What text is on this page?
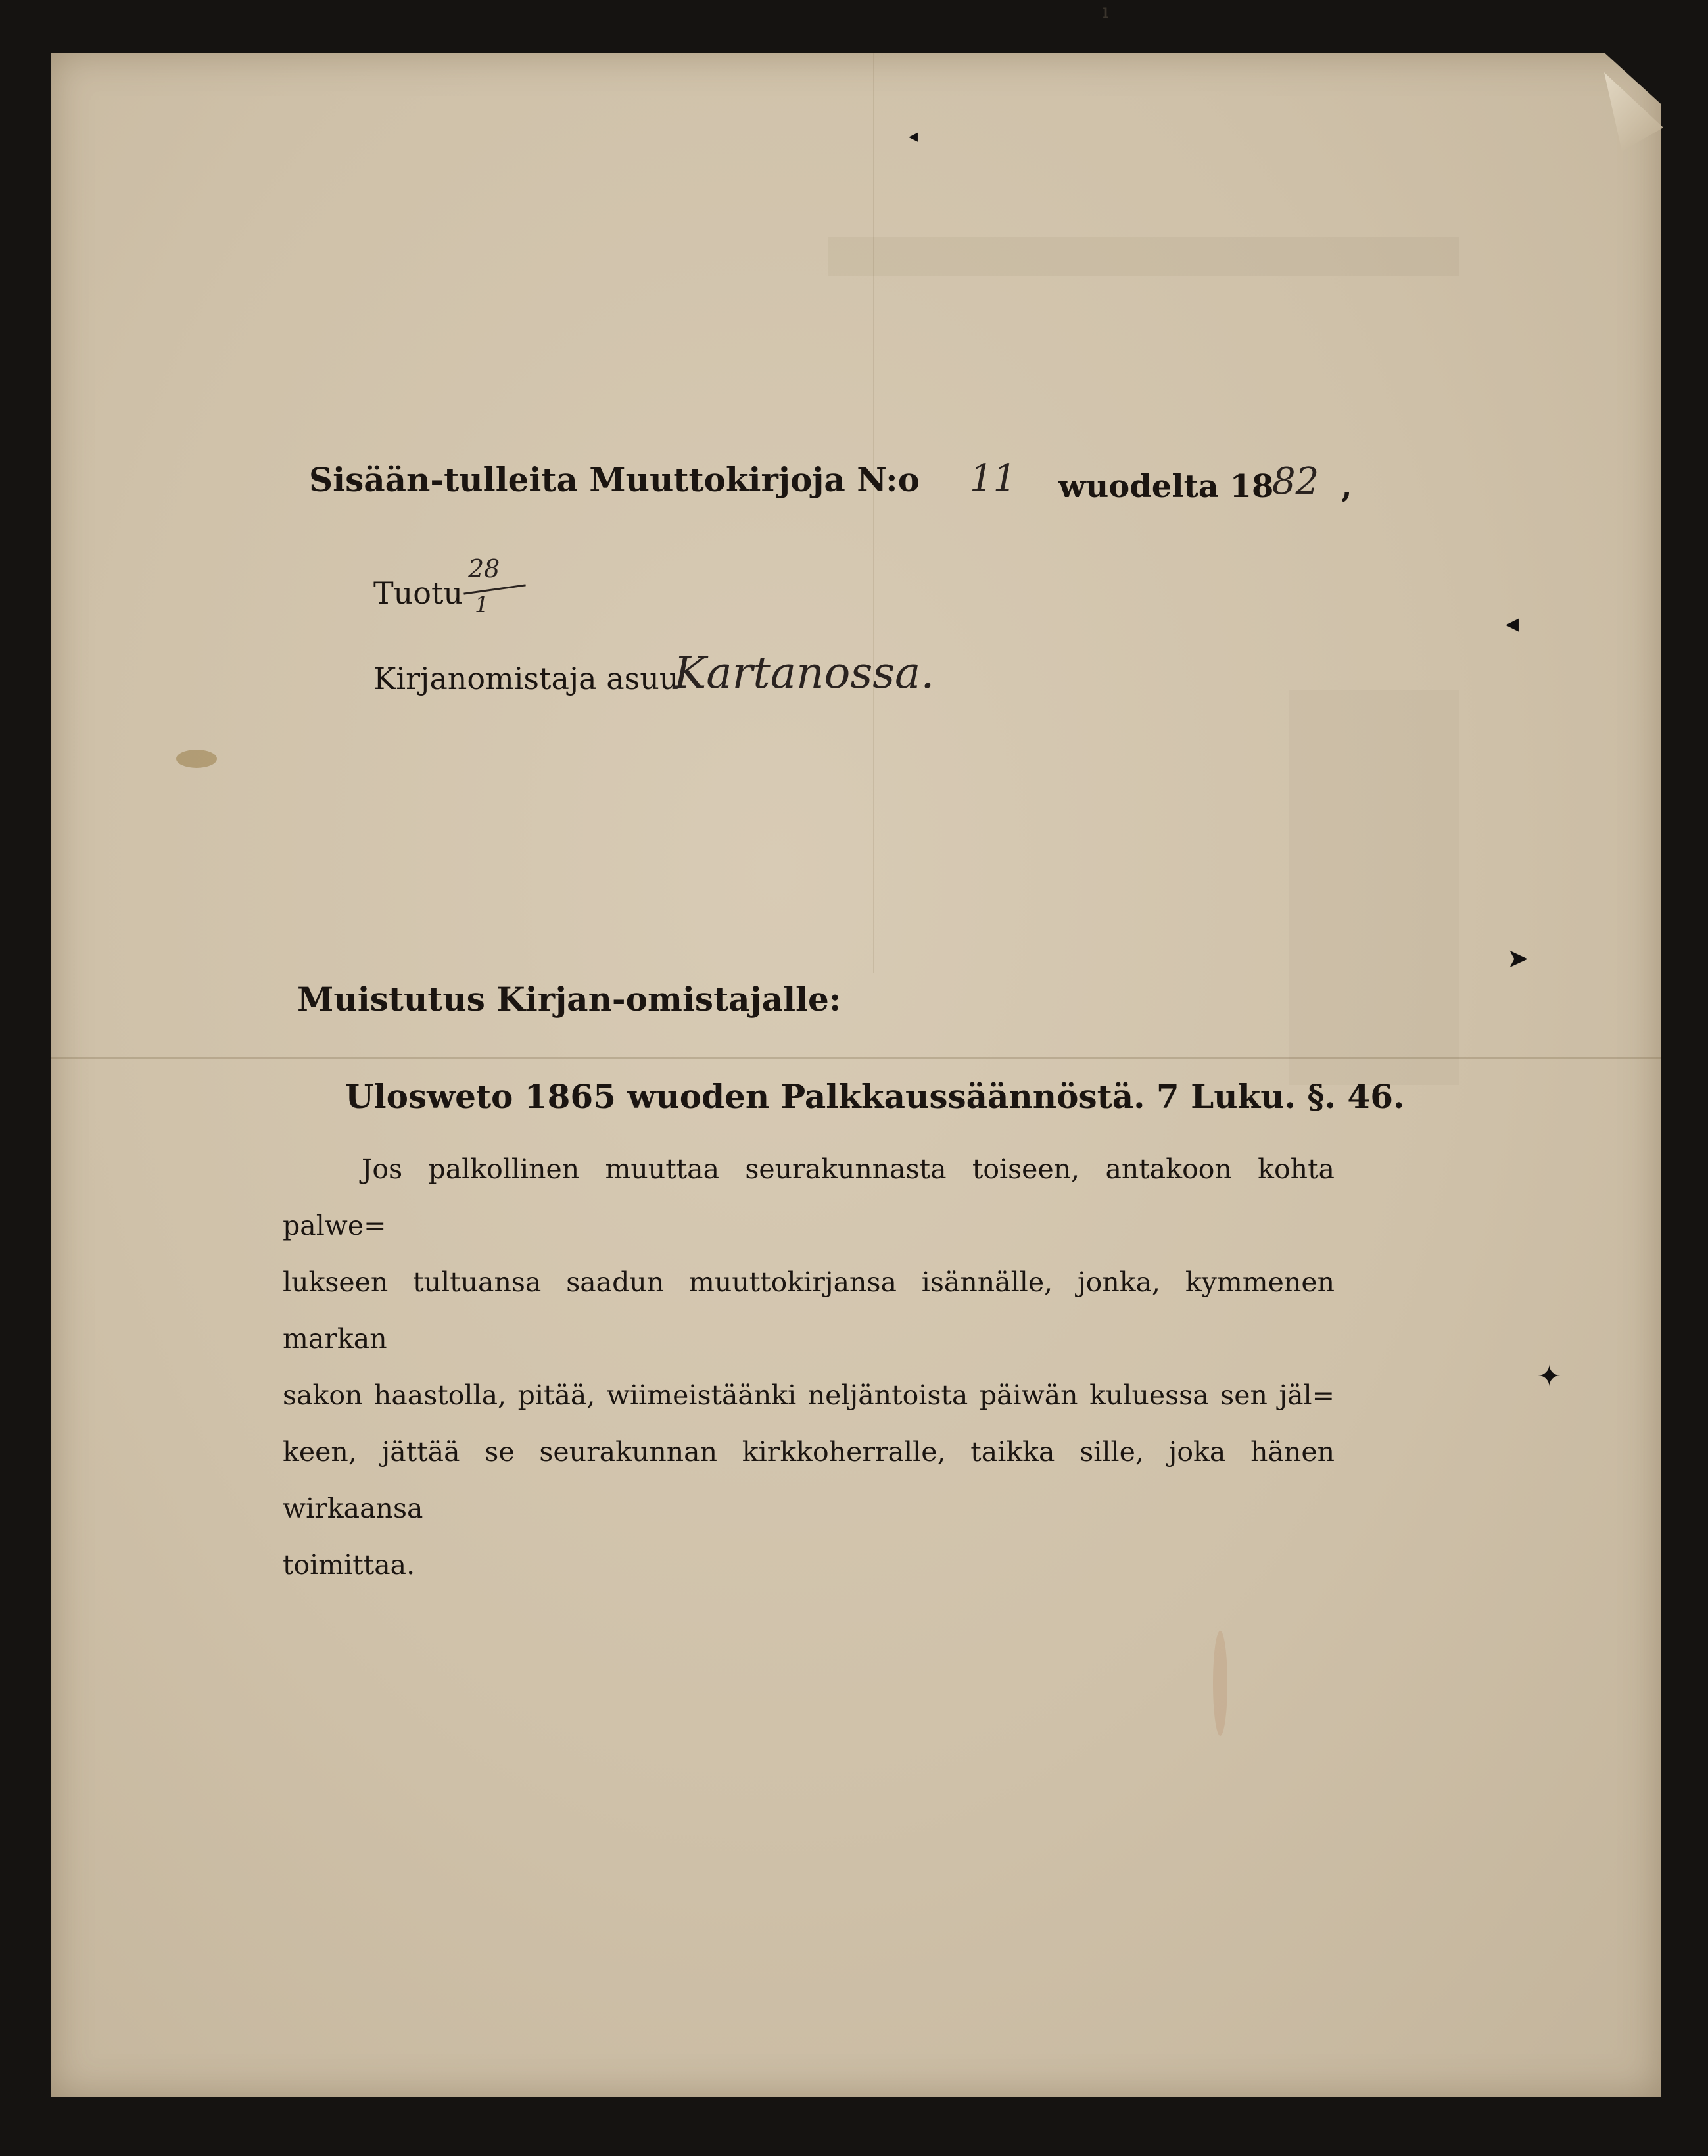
Sisään-tulleita Muuttokirjoja N:o 11 wuodelta 18
82 ,
Tuotu
28
1
Kirjanomistaja asuu
Kartanossa.
Muistutus Kirjan-omistajalle:
Ulosweto 1865 wuoden Palkkaussäännöstä. 7 Luku. §. 46.
Jos palkollinen muuttaa seurakunnasta toiseen, antakoon kohta palwe=
lukseen tultuansa saadun muuttokirjansa isännälle, jonka, kymmenen markan
sakon haastolla, pitää, wiimeistäänki neljäntoista päiwän kuluessa sen jäl=
keen, jättää se seurakunnan kirkkoherralle, taikka sille, joka hänen wirkaansa
toimittaa.
◂
◂
➤
✦
ı
